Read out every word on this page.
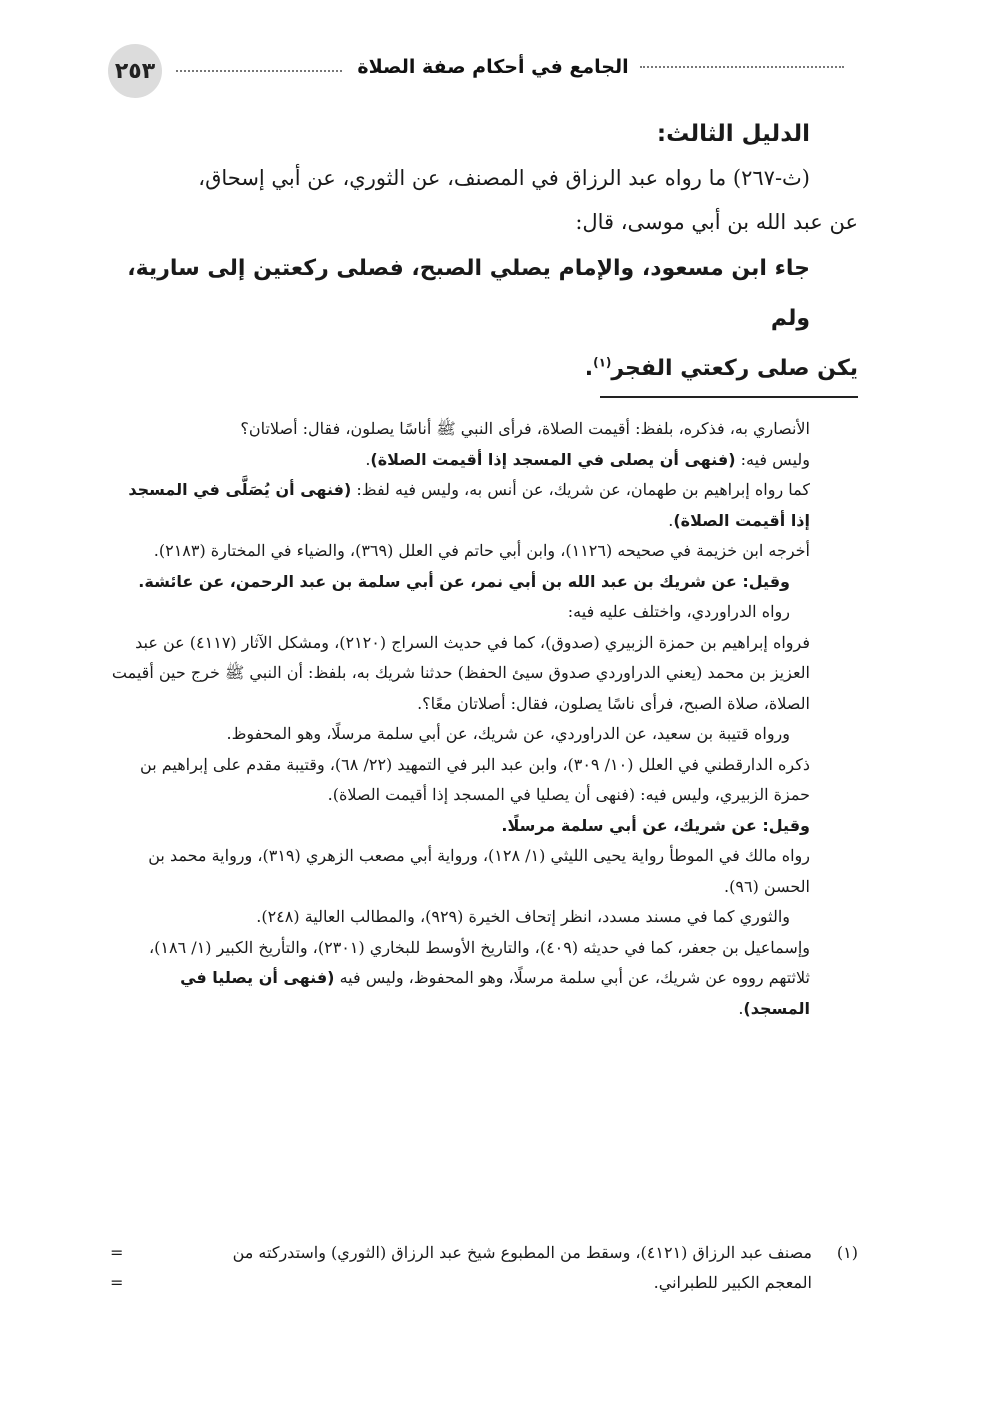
٢٥٣	الجامع في أحكام صفة الصلاة
الدليل الثالث:

(ث-٢٦٧) ما رواه عبد الرزاق في المصنف، عن الثوري، عن أبي إسحاق،

عن عبد الله بن أبي موسى، قال:

جاء ابن مسعود، والإمام يصلي الصبح، فصلى ركعتين إلى سارية، ولم

يكن صلى ركعتي الفجر$^{(١)}$.

الأنصاري به، فذكره، بلفظ: أقيمت الصلاة، فرأى النبي ﷺ أناسًا يصلون، فقال: أصلاتان؟

وليس فيه: (فنهى أن يصلى في المسجد إذا أقيمت الصلاة).

كما رواه إبراهيم بن طهمان، عن شريك، عن أنس به، وليس فيه لفظ: (فنهى أن يُصَلَّى في المسجد إذا أقيمت الصلاة).

أخرجه ابن خزيمة في صحيحه (١١٢٦)، وابن أبي حاتم في العلل (٣٦٩)، والضياء في المختارة (٢١٨٣).

وقيل: عن شريك بن عبد الله بن أبي نمر، عن أبي سلمة بن عبد الرحمن، عن عائشة.

رواه الدراوردي، واختلف عليه فيه:

فرواه إبراهيم بن حمزة الزبيري (صدوق)، كما في حديث السراج (٢١٢٠)، ومشكل الآثار (٤١١٧) عن عبد العزيز بن محمد (يعني الدراوردي صدوق سيئ الحفظ) حدثنا شريك به، بلفظ: أن النبي ﷺ خرج حين أقيمت الصلاة، صلاة الصبح، فرأى ناسًا يصلون، فقال: أصلاتان معًا؟.

ورواه قتيبة بن سعيد، عن الدراوردي، عن شريك، عن أبي سلمة مرسلًا، وهو المحفوظ.

ذكره الدارقطني في العلل (١٠/ ٣٠٩)، وابن عبد البر في التمهيد (٢٢/ ٦٨)، وقتيبة مقدم على إبراهيم بن حمزة الزبيري، وليس فيه: (فنهى أن يصليا في المسجد إذا أقيمت الصلاة).

وقيل: عن شريك، عن أبي سلمة مرسلًا.

رواه مالك في الموطأ رواية يحيى الليثي (١/ ١٢٨)، ورواية أبي مصعب الزهري (٣١٩)، ورواية محمد بن الحسن (٩٦).

والثوري كما في مسند مسدد، انظر إتحاف الخيرة (٩٢٩)، والمطالب العالية (٢٤٨).

وإسماعيل بن جعفر، كما في حديثه (٤٠٩)، والتاريخ الأوسط للبخاري (٢٣٠١)، والتأريخ الكبير (١/ ١٨٦)، ثلاثتهم رووه عن شريك، عن أبي سلمة مرسلًا، وهو المحفوظ، وليس فيه (فنهى أن يصليا في المسجد).

(١)
مصنف عبد الرزاق (٤١٢١)، وسقط من المطبوع شيخ عبد الرزاق (الثوري) واستدركته من
=
المعجم الكبير للطبراني.
=
